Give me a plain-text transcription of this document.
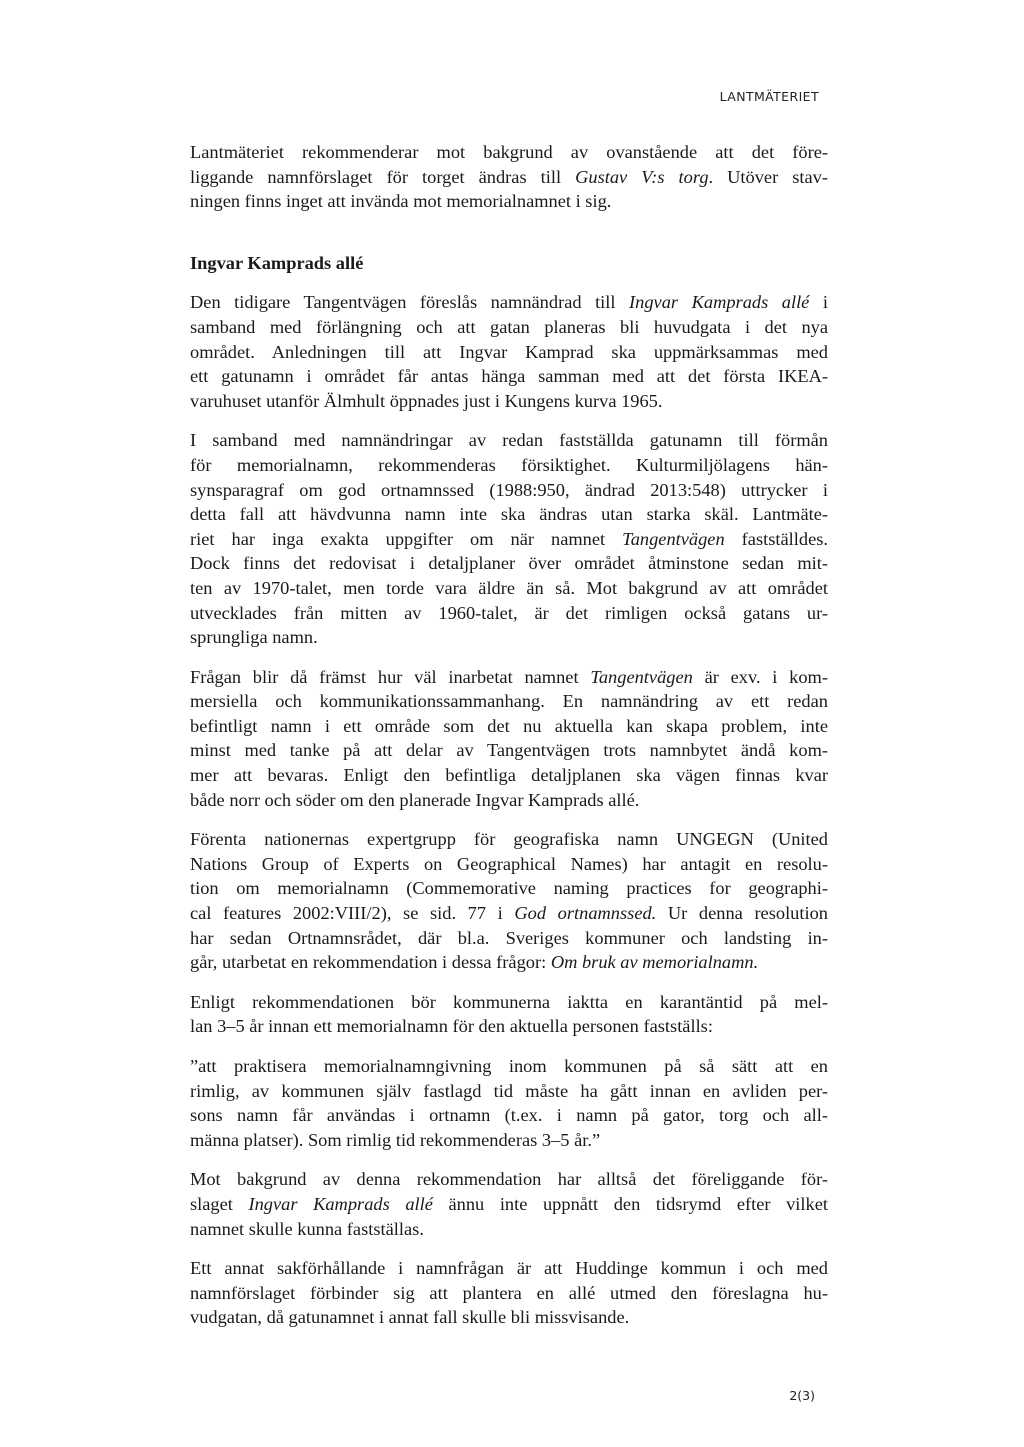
LANTMÄTERIET
Lantmäteriet rekommenderar mot bakgrund av ovanstående att det före-
liggande namnförslaget för torget ändras till Gustav V:s torg. Utöver stav-
ningen finns inget att invända mot memorialnamnet i sig.
Ingvar Kamprads allé
Den tidigare Tangentvägen föreslås namnändrad till Ingvar Kamprads allé i
samband med förlängning och att gatan planeras bli huvudgata i det nya
området. Anledningen till att Ingvar Kamprad ska uppmärksammas med
ett gatunamn i området får antas hänga samman med att det första IKEA-
varuhuset utanför Älmhult öppnades just i Kungens kurva 1965.
I samband med namnändringar av redan fastställda gatunamn till förmån
för memorialnamn, rekommenderas försiktighet. Kulturmiljölagens hän-
synsparagraf om god ortnamnssed (1988:950, ändrad 2013:548) uttrycker i
detta fall att hävdvunna namn inte ska ändras utan starka skäl. Lantmäte-
riet har inga exakta uppgifter om när namnet Tangentvägen fastställdes.
Dock finns det redovisat i detaljplaner över området åtminstone sedan mit-
ten av 1970-talet, men torde vara äldre än så. Mot bakgrund av att området
utvecklades från mitten av 1960-talet, är det rimligen också gatans ur-
sprungliga namn.
Frågan blir då främst hur väl inarbetat namnet Tangentvägen är exv. i kom-
mersiella och kommunikationssammanhang. En namnändring av ett redan
befintligt namn i ett område som det nu aktuella kan skapa problem, inte
minst med tanke på att delar av Tangentvägen trots namnbytet ändå kom-
mer att bevaras. Enligt den befintliga detaljplanen ska vägen finnas kvar
både norr och söder om den planerade Ingvar Kamprads allé.
Förenta nationernas expertgrupp för geografiska namn UNGEGN (United
Nations Group of Experts on Geographical Names) har antagit en resolu-
tion om memorialnamn (Commemorative naming practices for geographi-
cal features 2002:VIII/2), se sid. 77 i God ortnamnssed. Ur denna resolution
har sedan Ortnamnsrådet, där bl.a. Sveriges kommuner och landsting in-
går, utarbetat en rekommendation i dessa frågor: Om bruk av memorialnamn.
Enligt rekommendationen bör kommunerna iaktta en karantäntid på mel-
lan 3–5 år innan ett memorialnamn för den aktuella personen fastställs:
”att praktisera memorialnamngivning inom kommunen på så sätt att en
rimlig, av kommunen själv fastlagd tid måste ha gått innan en avliden per-
sons namn får användas i ortnamn (t.ex. i namn på gator, torg och all-
männa platser). Som rimlig tid rekommenderas 3–5 år.”
Mot bakgrund av denna rekommendation har alltså det föreliggande för-
slaget Ingvar Kamprads allé ännu inte uppnått den tidsrymd efter vilket
namnet skulle kunna fastställas.
Ett annat sakförhållande i namnfrågan är att Huddinge kommun i och med
namnförslaget förbinder sig att plantera en allé utmed den föreslagna hu-
vudgatan, då gatunamnet i annat fall skulle bli missvisande.
2(3)
